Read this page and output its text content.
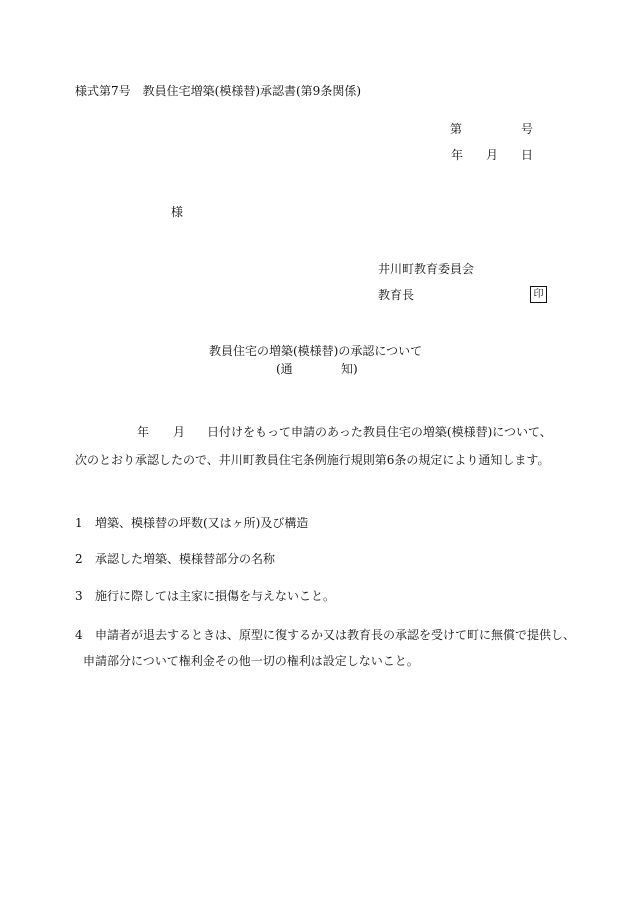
様式第7号　教員住宅増築(模様替)承認書(第9条関係)
第	号
年 月 日
様
井川町教育委員会
教育長	印
教員住宅の増築(模様替)の承認について
(通	知)
年 月 日付けをもって申請のあった教員住宅の増築(模様替)について、
次のとおり承認したので、井川町教員住宅条例施行規則第6条の規定により通知します。
1 増築、模様替の坪数(又はヶ所)及び構造
2 承認した増築、模様替部分の名称
3 施行に際しては主家に損傷を与えないこと。
4 申請者が退去するときは、原型に復するか又は教育長の承認を受けて町に無償で提供し、
申請部分について権利金その他一切の権利は設定しないこと。
